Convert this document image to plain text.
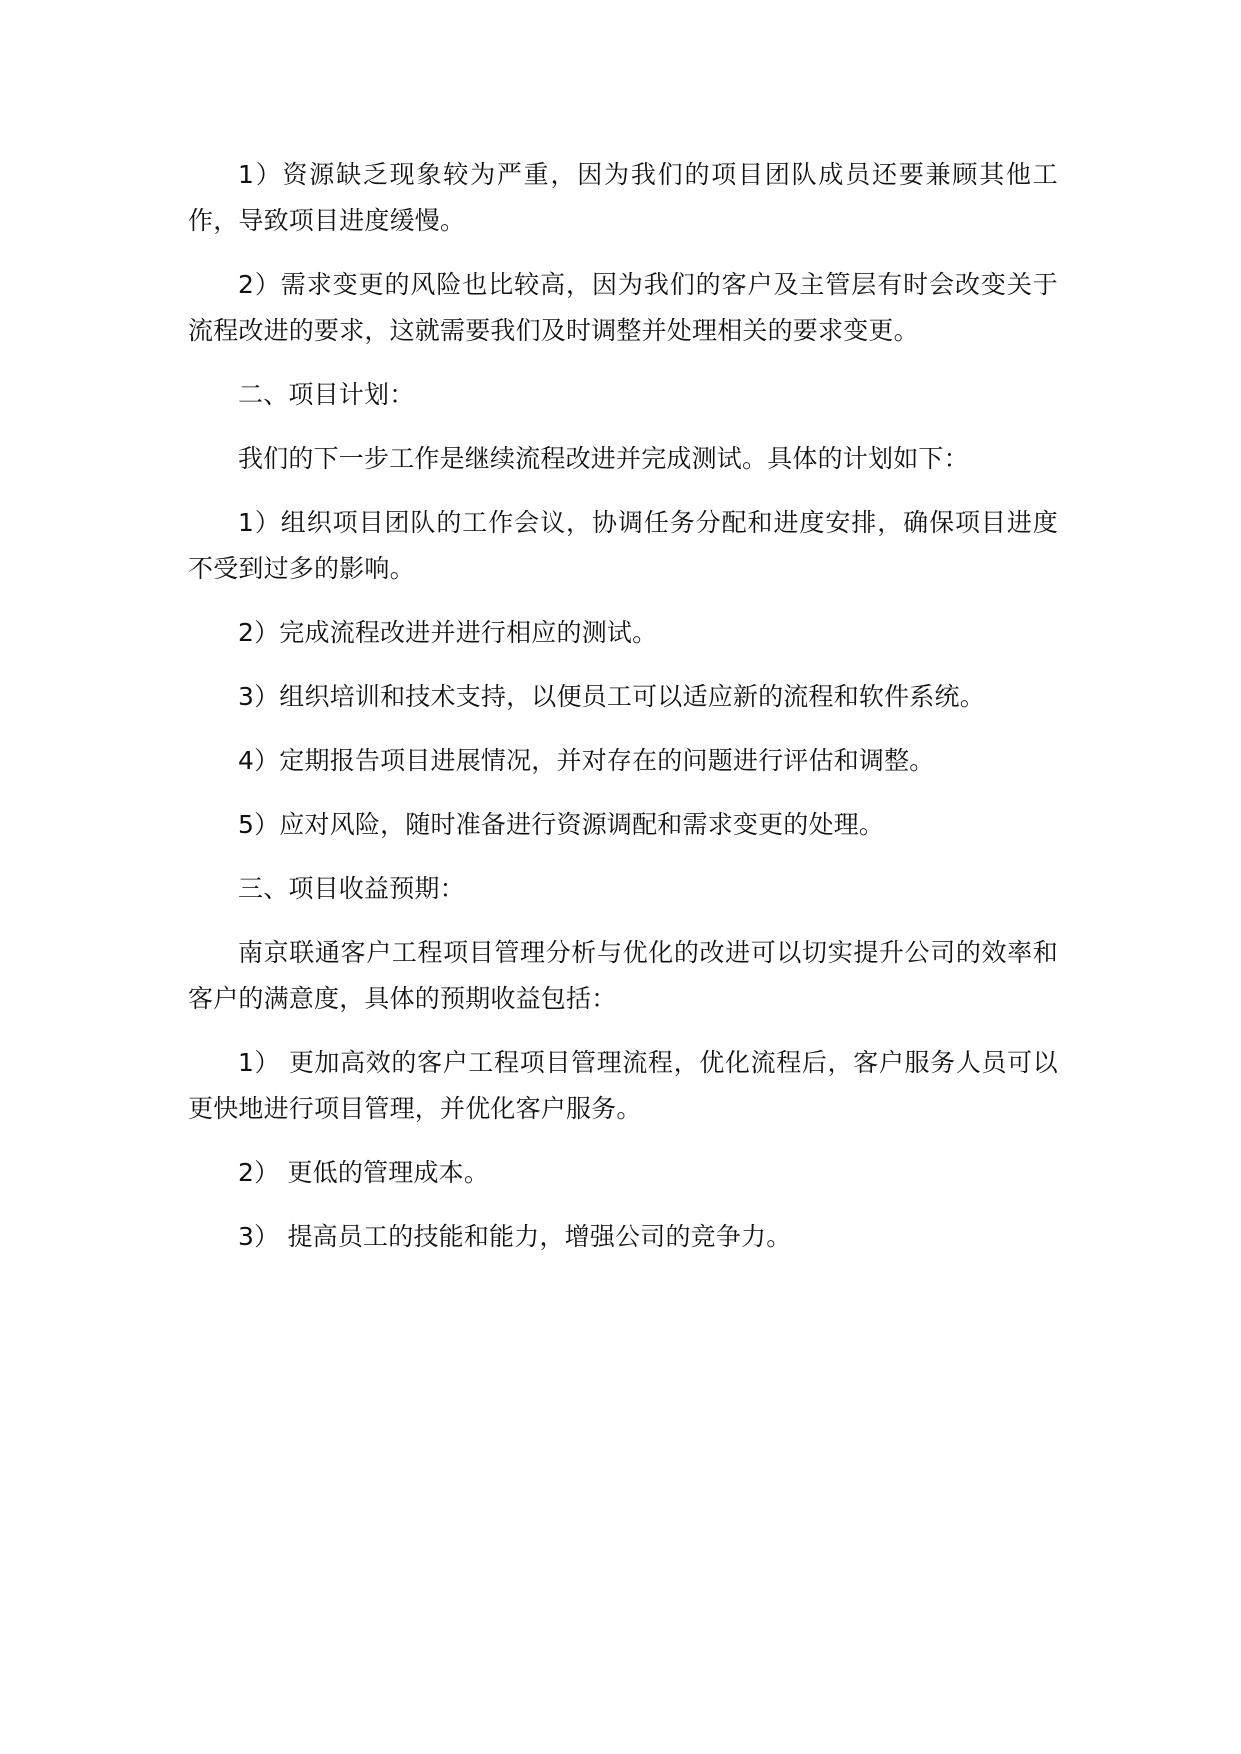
1）资源缺乏现象较为严重，因为我们的项目团队成员还要兼顾其他工作，导致项目进度缓慢。

2）需求变更的风险也比较高，因为我们的客户及主管层有时会改变关于流程改进的要求，这就需要我们及时调整并处理相关的要求变更。

二、项目计划：

我们的下一步工作是继续流程改进并完成测试。具体的计划如下：

1）组织项目团队的工作会议，协调任务分配和进度安排，确保项目进度不受到过多的影响。

2）完成流程改进并进行相应的测试。

3）组织培训和技术支持，以便员工可以适应新的流程和软件系统。

4）定期报告项目进展情况，并对存在的问题进行评估和调整。

5）应对风险，随时准备进行资源调配和需求变更的处理。

三、项目收益预期：

南京联通客户工程项目管理分析与优化的改进可以切实提升公司的效率和客户的满意度，具体的预期收益包括：

1） 更加高效的客户工程项目管理流程，优化流程后，客户服务人员可以更快地进行项目管理，并优化客户服务。

2） 更低的管理成本。

3） 提高员工的技能和能力，增强公司的竞争力。
